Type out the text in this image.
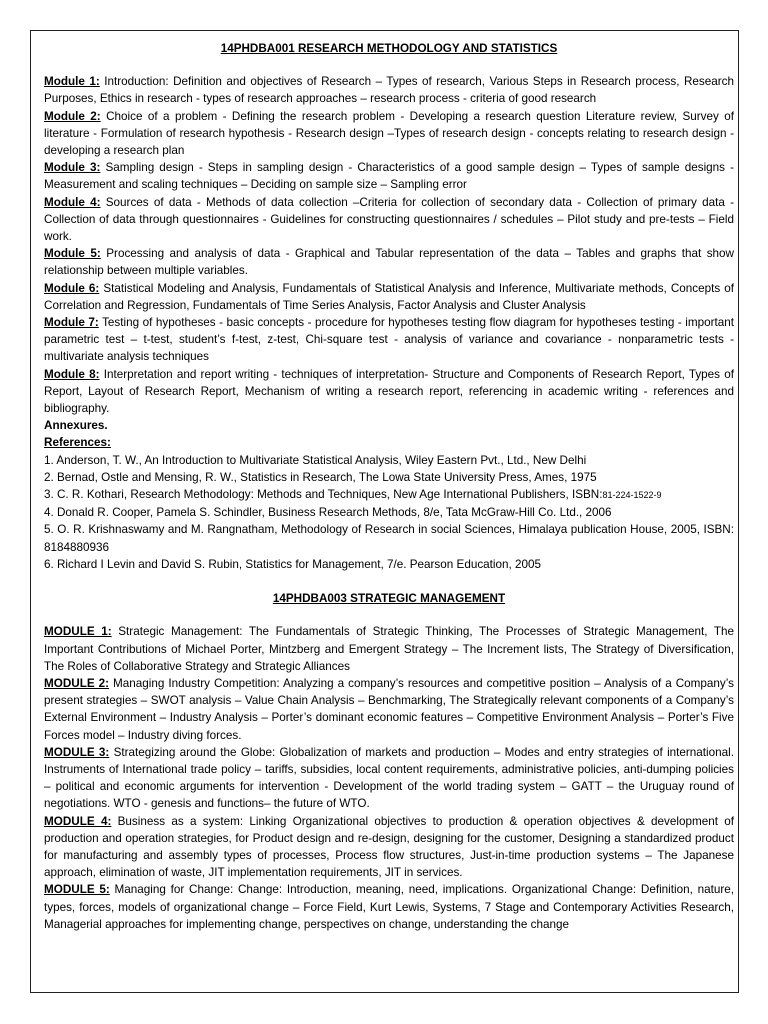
14PHDBA001 RESEARCH METHODOLOGY AND STATISTICS

Module 1: Introduction: Definition and objectives of Research – Types of research, Various Steps in Research process, Research Purposes, Ethics in research - types of research approaches – research process - criteria of good research

Module 2: Choice of a problem - Defining the research problem - Developing a research question Literature review, Survey of literature - Formulation of research hypothesis - Research design –Types of research design - concepts relating to research design - developing a research plan

Module 3: Sampling design - Steps in sampling design - Characteristics of a good sample design – Types of sample designs - Measurement and scaling techniques – Deciding on sample size – Sampling error

Module 4: Sources of data - Methods of data collection –Criteria for collection of secondary data - Collection of primary data - Collection of data through questionnaires - Guidelines for constructing questionnaires / schedules – Pilot study and pre-tests – Field work.

Module 5: Processing and analysis of data - Graphical and Tabular representation of the data – Tables and graphs that show relationship between multiple variables.

Module 6: Statistical Modeling and Analysis, Fundamentals of Statistical Analysis and Inference, Multivariate methods, Concepts of Correlation and Regression, Fundamentals of Time Series Analysis, Factor Analysis and Cluster Analysis

Module 7: Testing of hypotheses - basic concepts - procedure for hypotheses testing flow diagram for hypotheses testing - important parametric test – t-test, student’s f-test, z-test, Chi-square test - analysis of variance and covariance - nonparametric tests - multivariate analysis techniques

Module 8: Interpretation and report writing - techniques of interpretation- Structure and Components of Research Report, Types of Report, Layout of Research Report, Mechanism of writing a research report, referencing in academic writing - references and bibliography.

Annexures.

References:

1. Anderson, T. W., An Introduction to Multivariate Statistical Analysis, Wiley Eastern Pvt., Ltd., New Delhi

2. Bernad, Ostle and Mensing, R. W., Statistics in Research, The Lowa State University Press, Ames, 1975

3. C. R. Kothari, Research Methodology: Methods and Techniques, New Age International Publishers, ISBN:81-224-1522-9

4. Donald R. Cooper, Pamela S. Schindler, Business Research Methods, 8/e, Tata McGraw-Hill Co. Ltd., 2006

5. O. R. Krishnaswamy and M. Rangnatham, Methodology of Research in social Sciences, Himalaya publication House, 2005, ISBN: 8184880936

6. Richard I Levin and David S. Rubin, Statistics for Management, 7/e. Pearson Education, 2005

14PHDBA003 STRATEGIC MANAGEMENT

MODULE 1: Strategic Management: The Fundamentals of Strategic Thinking, The Processes of Strategic Management, The Important Contributions of Michael Porter, Mintzberg and Emergent Strategy – The Increment lists, The Strategy of Diversification, The Roles of Collaborative Strategy and Strategic Alliances

MODULE 2: Managing Industry Competition: Analyzing a company’s resources and competitive position – Analysis of a Company’s present strategies – SWOT analysis – Value Chain Analysis – Benchmarking, The Strategically relevant components of a Company’s External Environment – Industry Analysis – Porter’s dominant economic features – Competitive Environment Analysis – Porter’s Five Forces model – Industry diving forces.

MODULE 3: Strategizing around the Globe: Globalization of markets and production – Modes and entry strategies of international. Instruments of International trade policy – tariffs, subsidies, local content requirements, administrative policies, anti-dumping policies – political and economic arguments for intervention - Development of the world trading system – GATT – the Uruguay round of negotiations. WTO - genesis and functions– the future of WTO.

MODULE 4: Business as a system: Linking Organizational objectives to production & operation objectives & development of production and operation strategies, for Product design and re-design, designing for the customer, Designing a standardized product for manufacturing and assembly types of processes, Process flow structures, Just-in-time production systems – The Japanese approach, elimination of waste, JIT implementation requirements, JIT in services.

MODULE 5: Managing for Change: Change: Introduction, meaning, need, implications. Organizational Change: Definition, nature, types, forces, models of organizational change – Force Field, Kurt Lewis, Systems, 7 Stage and Contemporary Activities Research, Managerial approaches for implementing change, perspectives on change, understanding the change
